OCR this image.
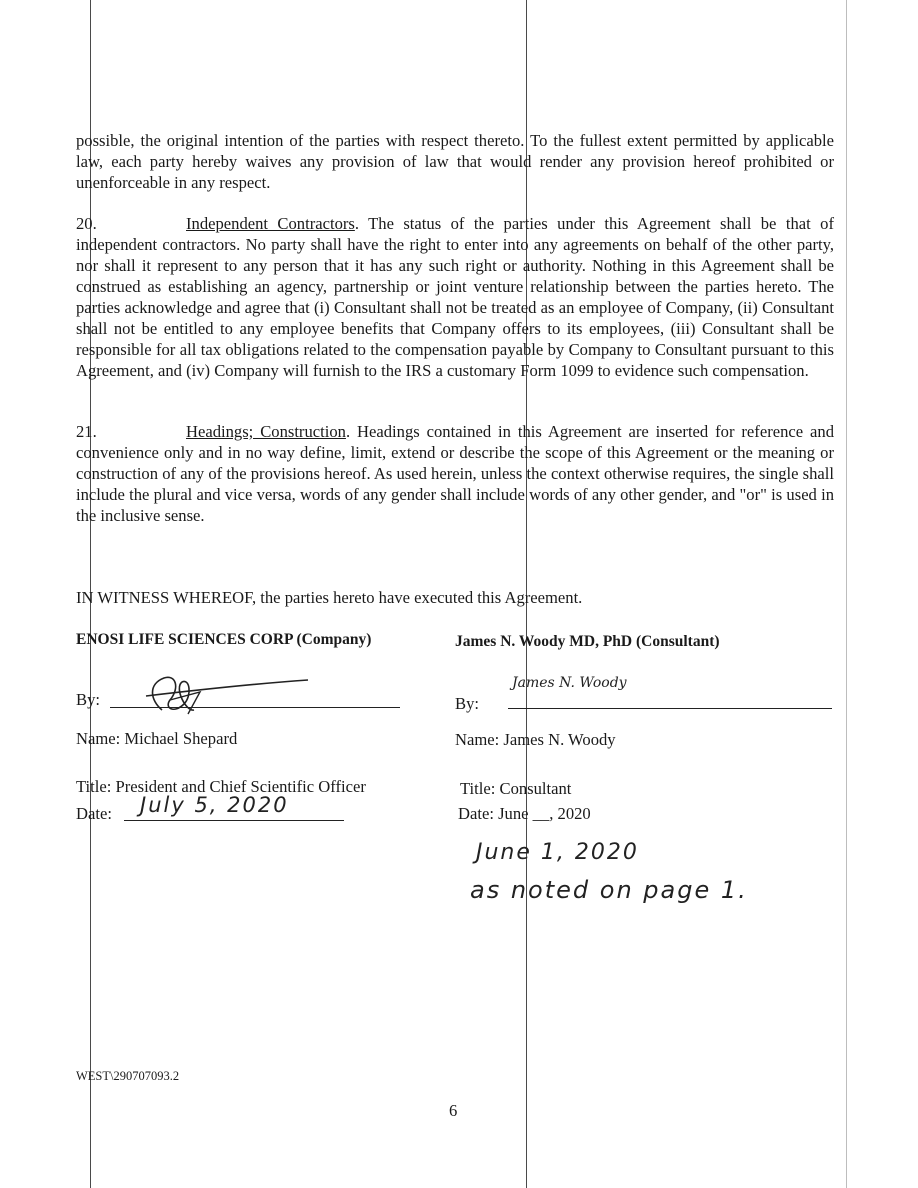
possible, the original intention of the parties with respect thereto. To the fullest extent permitted by applicable law, each party hereby waives any provision of law that would render any provision hereof prohibited or unenforceable in any respect.

20.	Independent Contractors. The status of the parties under this Agreement shall be that of independent contractors. No party shall have the right to enter into any agreements on behalf of the other party, nor shall it represent to any person that it has any such right or authority. Nothing in this Agreement shall be construed as establishing an agency, partnership or joint venture relationship between the parties hereto. The parties acknowledge and agree that (i) Consultant shall not be treated as an employee of Company, (ii) Consultant shall not be entitled to any employee benefits that Company offers to its employees, (iii) Consultant shall be responsible for all tax obligations related to the compensation payable by Company to Consultant pursuant to this Agreement, and (iv) Company will furnish to the IRS a customary Form 1099 to evidence such compensation.

21.	Headings; Construction. Headings contained in this Agreement are inserted for reference and convenience only and in no way define, limit, extend or describe the scope of this Agreement or the meaning or construction of any of the provisions hereof. As used herein, unless the context otherwise requires, the single shall include the plural and vice versa, words of any gender shall include words of any other gender, and "or" is used in the inclusive sense.

IN WITNESS WHEREOF, the parties hereto have executed this Agreement.
ENOSI LIFE SCIENCES CORP (Company)
By:
Name: Michael Shepard
Title: President and Chief Scientific Officer
Date: July 5, 2020
James N. Woody MD, PhD (Consultant)
By:
James N. Woody
Name: James N. Woody
Title: Consultant
Date: June __, 2020
June 1, 2020
as noted on page 1.
WEST\290707093.2
6
